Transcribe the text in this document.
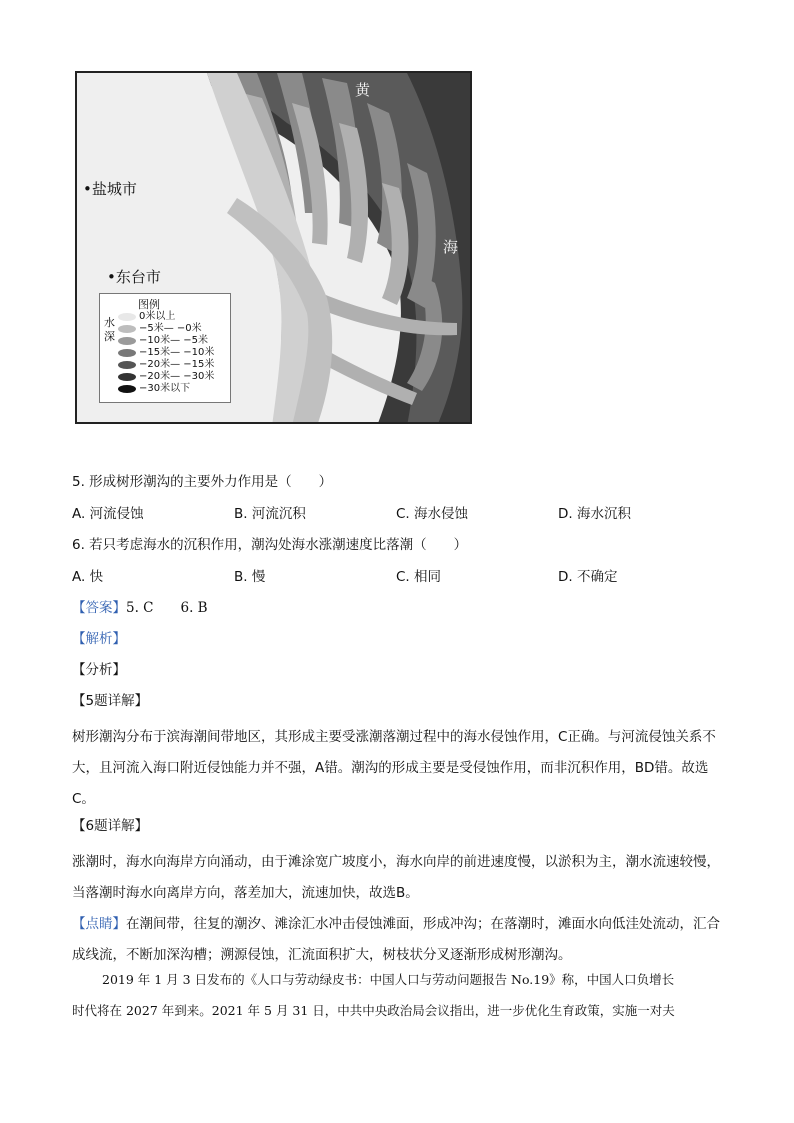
黄
海
•盐城市
•东台市
图例
水深
0米以上
−5米— −0米
−10米— −5米
−15米— −10米
−20米— −15米
−20米— −30米
−30米以下
5. 形成树形潮沟的主要外力作用是（　　）
A. 河流侵蚀	B. 河流沉积	C. 海水侵蚀	D. 海水沉积
6. 若只考虑海水的沉积作用，潮沟处海水涨潮速度比落潮（　　）
A. 快	B. 慢	C. 相同	D. 不确定
【答案】5. C　　6. B
【解析】
【分析】
【5题详解】
树形潮沟分布于滨海潮间带地区，其形成主要受涨潮落潮过程中的海水侵蚀作用，C正确。与河流侵蚀关系不大，且河流入海口附近侵蚀能力并不强，A错。潮沟的形成主要是受侵蚀作用，而非沉积作用，BD错。故选C。
【6题详解】
涨潮时，海水向海岸方向涌动，由于滩涂宽广坡度小，海水向岸的前进速度慢，以淤积为主，潮水流速较慢，当落潮时海水向离岸方向，落差加大，流速加快，故选B。
【点睛】在潮间带，往复的潮汐、滩涂汇水冲击侵蚀滩面，形成冲沟；在落潮时，滩面水向低洼处流动，汇合成线流，不断加深沟槽；溯源侵蚀，汇流面积扩大，树枝状分叉逐渐形成树形潮沟。
2019 年 1 月 3 日发布的《人口与劳动绿皮书：中国人口与劳动问题报告 No.19》称，中国人口负增长
时代将在 2027 年到来。2021 年 5 月 31 日，中共中央政治局会议指出，进一步优化生育政策，实施一对夫
